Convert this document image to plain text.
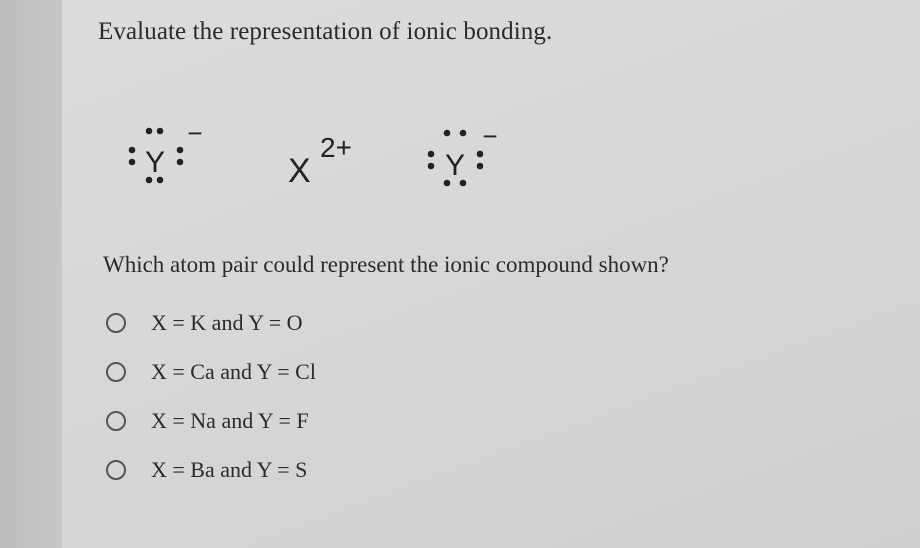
Evaluate the representation of ionic bonding.
Y
−
X
2+
Y
−

Which atom pair could represent the ionic compound shown?

X = K and Y = O
X = Ca and Y = Cl
X = Na and Y = F
X = Ba and Y = S
